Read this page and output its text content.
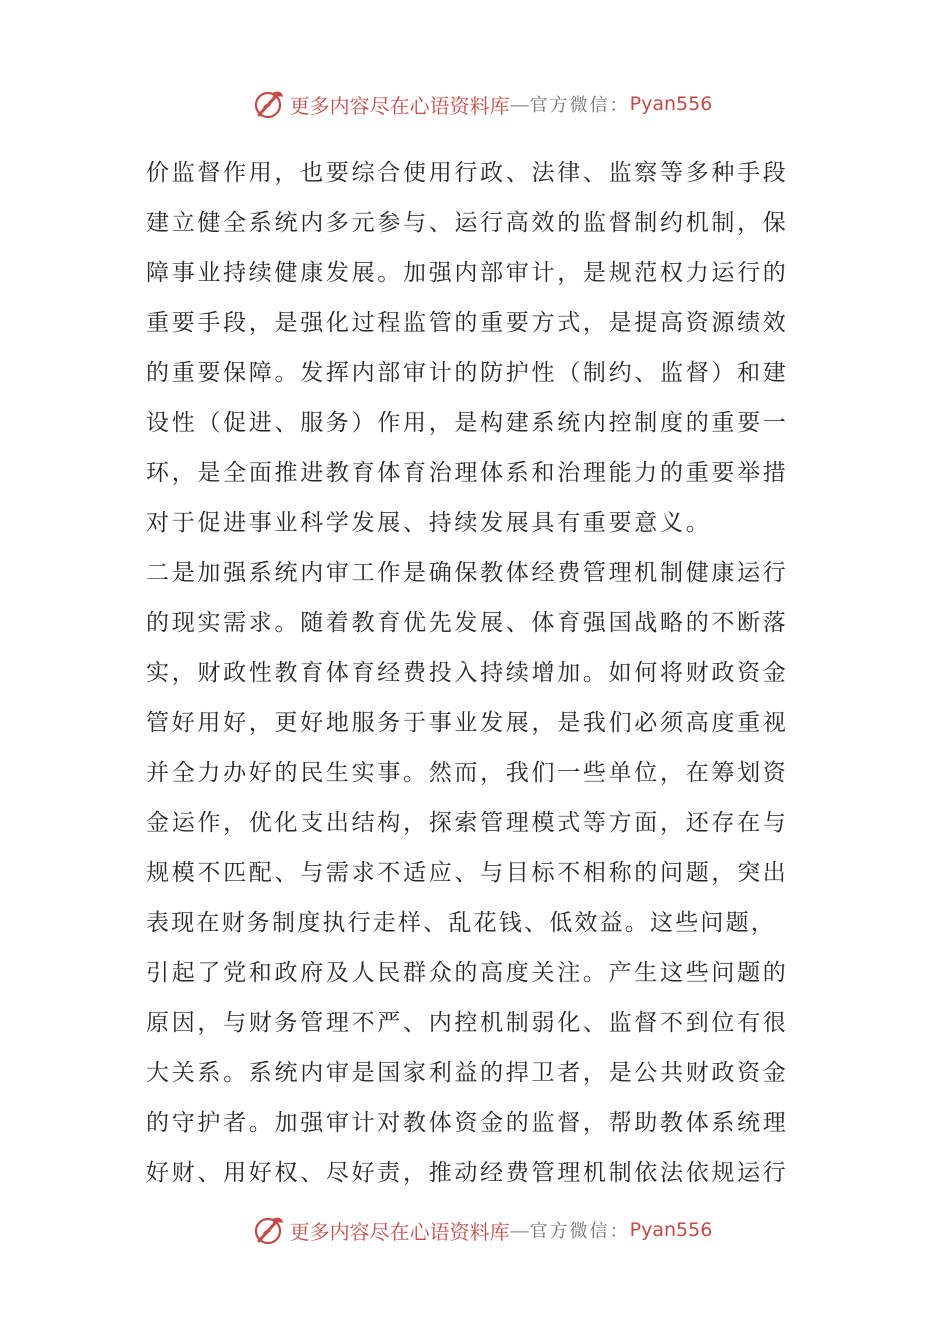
更多内容尽在心语资料库 — 官方微信： Pyan556
价监督作用，也要综合使用行政、法律、监察等多种手段
建立健全系统内多元参与、运行高效的监督制约机制，保
障事业持续健康发展。加强内部审计，是规范权力运行的
重要手段，是强化过程监管的重要方式，是提高资源绩效
的重要保障。发挥内部审计的防护性（制约、监督）和建
设性（促进、服务）作用，是构建系统内控制度的重要一
环，是全面推进教育体育治理体系和治理能力的重要举措
对于促进事业科学发展、持续发展具有重要意义。
二是加强系统内审工作是确保教体经费管理机制健康运行
的现实需求。随着教育优先发展、体育强国战略的不断落
实，财政性教育体育经费投入持续增加。如何将财政资金
管好用好，更好地服务于事业发展，是我们必须高度重视
并全力办好的民生实事。然而，我们一些单位，在筹划资
金运作，优化支出结构，探索管理模式等方面，还存在与
规模不匹配、与需求不适应、与目标不相称的问题，突出
表现在财务制度执行走样、乱花钱、低效益。这些问题，
引起了党和政府及人民群众的高度关注。产生这些问题的
原因，与财务管理不严、内控机制弱化、监督不到位有很
大关系。系统内审是国家利益的捍卫者，是公共财政资金
的守护者。加强审计对教体资金的监督，帮助教体系统理
好财、用好权、尽好责，推动经费管理机制依法依规运行
更多内容尽在心语资料库 — 官方微信： Pyan556
